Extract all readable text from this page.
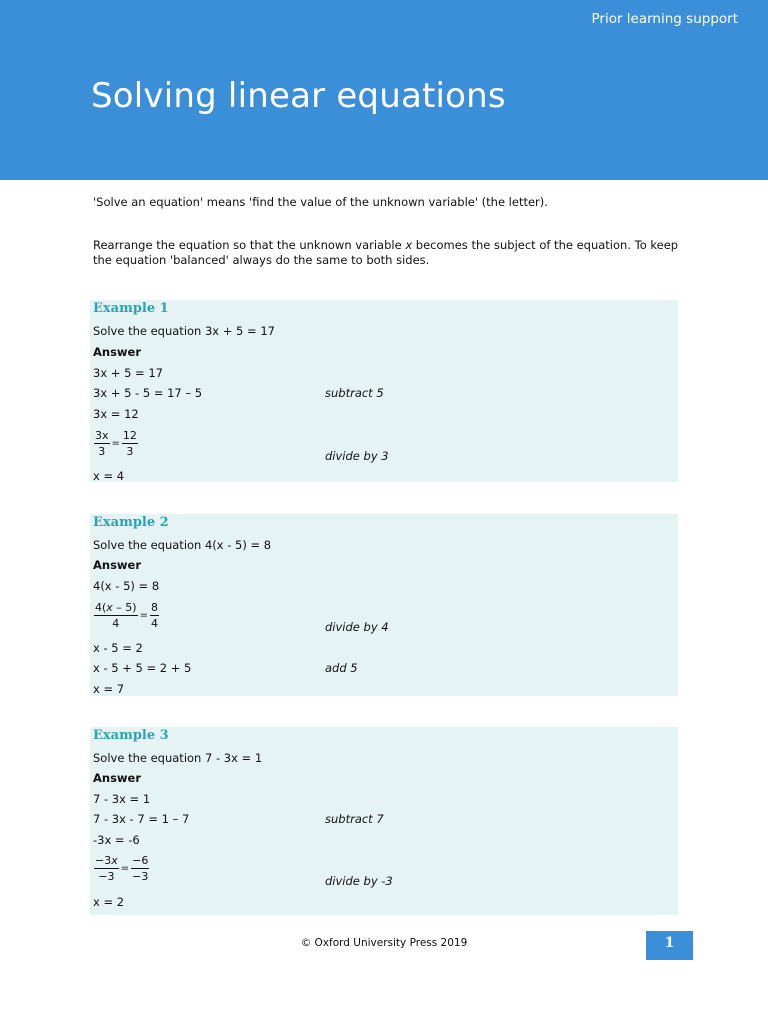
Prior learning support
Solving linear equations

'Solve an equation' means 'find the value of the unknown variable' (the letter).

Rearrange the equation so that the unknown variable x becomes the subject of the equation. To keep the equation 'balanced' always do the same to both sides.

Example 1
Solve the equation 3x + 5 = 17
Answer
3x + 5 = 17
3x + 5 - 5 = 17 – 5	subtract 5
3x = 12
$\frac{3x}{3} = \frac{12}{3}$	divide by 3
x = 4
Example 2
Solve the equation 4(x - 5) = 8
Answer
4(x - 5) = 8
$\frac{4(x - 5)}{4} = \frac{8}{4}$	divide by 4
x - 5 = 2
x - 5 + 5 = 2 + 5	add 5
x = 7
Example 3
Solve the equation 7 - 3x = 1
Answer
7 - 3x = 1
7 - 3x - 7 = 1 – 7	subtract 7
-3x = -6
$\frac{-3x}{-3} = \frac{-6}{-3}$	divide by -3
x = 2
© Oxford University Press 2019	1
